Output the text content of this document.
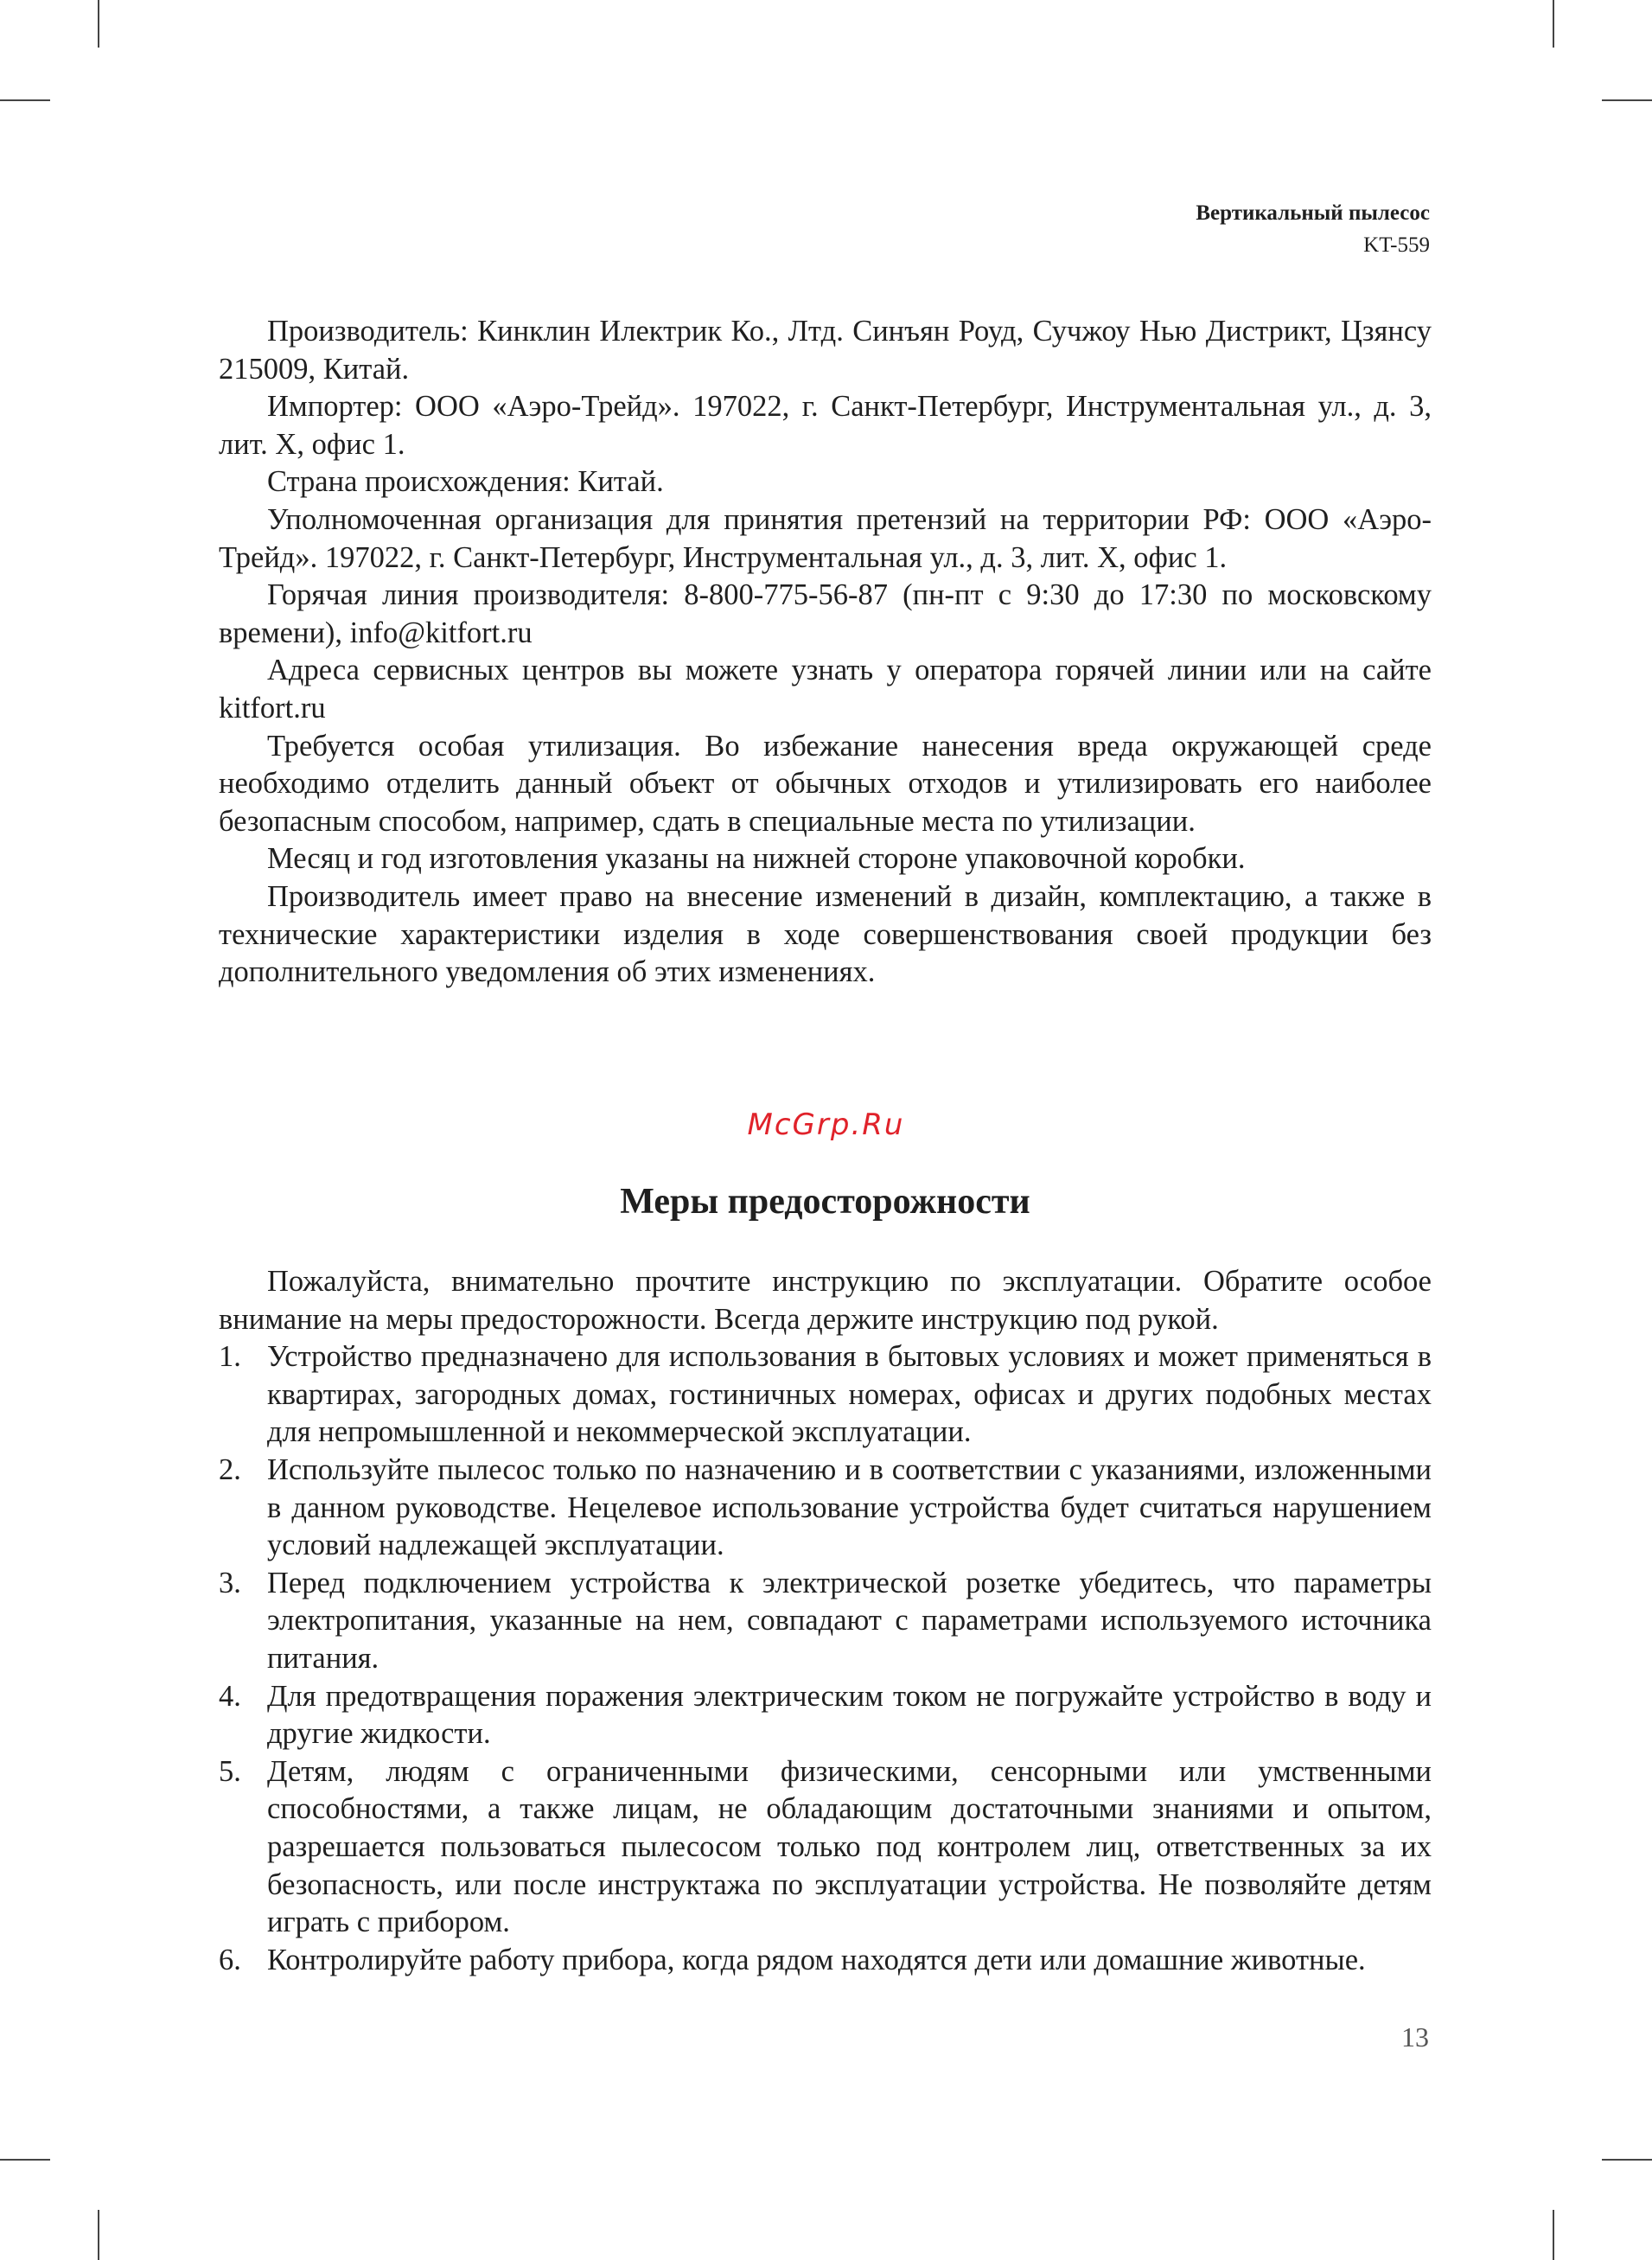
Вертикальный пылесос
KT-559

Производитель: Кинклин Илектрик Ко., Лтд. Синъян Роуд, Сучжоу Нью Дистрикт, Цзянсу 215009, Китай.

Импортер: ООО «Аэро-Трейд». 197022, г. Санкт-Петербург, Инструментальная ул., д. 3, лит. Х, офис 1.

Страна происхождения: Китай.

Уполномоченная организация для принятия претензий на территории РФ: ООО «Аэро-Трейд». 197022, г. Санкт-Петербург, Инструментальная ул., д. 3, лит. Х, офис 1.

Горячая линия производителя: 8-800-775-56-87 (пн-пт с 9:30 до 17:30 по московскому времени), info@kitfort.ru

Адреса сервисных центров вы можете узнать у оператора горячей линии или на сайте kitfort.ru

Требуется особая утилизация. Во избежание нанесения вреда окружающей среде необходимо отделить данный объект от обычных отходов и утилизировать его наиболее безопасным способом, например, сдать в специальные места по утилизации.

Месяц и год изготовления указаны на нижней стороне упаковочной коробки.

Производитель имеет право на внесение изменений в дизайн, комплектацию, а также в технические характеристики изделия в ходе совершенствования своей продукции без дополнительного уведомления об этих изменениях.

McGrp.Ru
Меры предосторожности

Пожалуйста, внимательно прочтите инструкцию по эксплуатации. Обратите особое внимание на меры предосторожности. Всегда держите инструкцию под рукой.

1. Устройство предназначено для использования в бытовых условиях и может применяться в квартирах, загородных домах, гостиничных номерах, офисах и других подобных местах для непромышленной и некоммерческой эксплуатации.
2. Используйте пылесос только по назначению и в соответствии с указаниями, изложенными в данном руководстве. Нецелевое использование устройства будет считаться нарушением условий надлежащей эксплуатации.
3. Перед подключением устройства к электрической розетке убедитесь, что параметры электропитания, указанные на нем, совпадают с параметрами используемого источника питания.
4. Для предотвращения поражения электрическим током не погружайте устройство в воду и другие жидкости.
5. Детям, людям с ограниченными физическими, сенсорными или умственными способностями, а также лицам, не обладающим достаточными знаниями и опытом, разрешается пользоваться пылесосом только под контролем лиц, ответственных за их безопасность, или после инструктажа по эксплуатации устройства. Не позволяйте детям играть с прибором.
6. Контролируйте работу прибора, когда рядом находятся дети или домашние животные.
13
